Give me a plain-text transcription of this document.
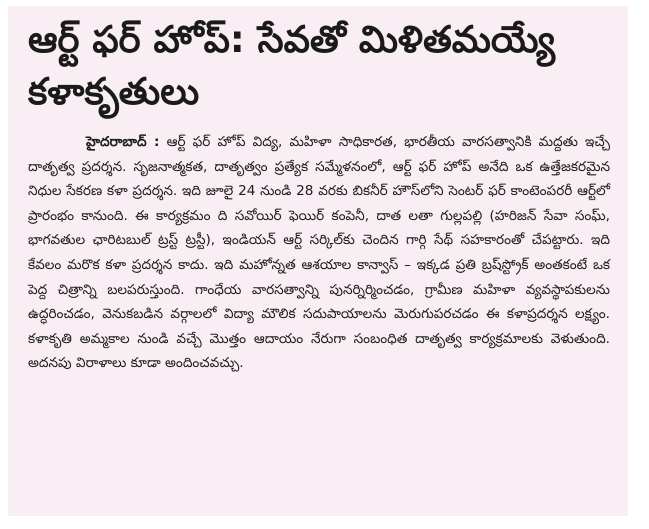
ఆర్ట్ ఫర్ హోప్: సేవతో మిళితమయ్యే కళాకృతులు

హైదరాబాద్ : ఆర్ట్ ఫర్ హోప్ విద్య, మహిళా సాధికారత, భారతీయ వారసత్వానికి మద్దతు ఇచ్చే దాతృత్వ ప్రదర్శన. సృజనాత్మకత, దాతృత్వం ప్రత్యేక సమ్మేళనంలో, ఆర్ట్ ఫర్ హోప్ అనేది ఒక ఉత్తేజకరమైన నిధుల సేకరణ కళా ప్రదర్శన. ఇది జూలై 24 నుండి 28 వరకు బికనీర్ హౌస్‌లోని సెంటర్ ఫర్ కాంటెంపరరీ ఆర్ట్‌లో ప్రారంభం కానుంది. ఈ కార్యక్రమం ది సవోయిర్ ఫెయిర్ కంపెనీ, దాత లతా గుల్లపల్లి (హరిజన్ సేవా సంఘ్, భాగవతుల ఛారిటబుల్ ట్రస్ట్ ట్రస్టీ), ఇండియన్ ఆర్ట్ సర్కిల్‌కు చెందిన గార్గి సేథ్ సహకారంతో చేపట్టారు. ఇది కేవలం మరొక కళా ప్రదర్శన కాదు. ఇది మహోన్నత ఆశయాల కాన్వాస్ – ఇక్కడ ప్రతి బ్రష్‌స్ట్రోక్ అంతకంటే ఒక పెద్ద చిత్రాన్ని బలపరుస్తుంది. గాంధేయ వారసత్వాన్ని పునర్నిర్మించడం, గ్రామీణ మహిళా వ్యవస్థాపకులను ఉద్ధరించడం, వెనుకబడిన వర్గాలలో విద్యా మౌలిక సదుపాయాలను మెరుగుపరచడం ఈ కళాప్రదర్శన లక్ష్యం. కళాకృతి అమ్మకాల నుండి వచ్చే మొత్తం ఆదాయం నేరుగా సంబంధిత దాతృత్వ కార్యక్రమాలకు వెళుతుంది. అదనపు విరాళాలు కూడా అందించవచ్చు.
